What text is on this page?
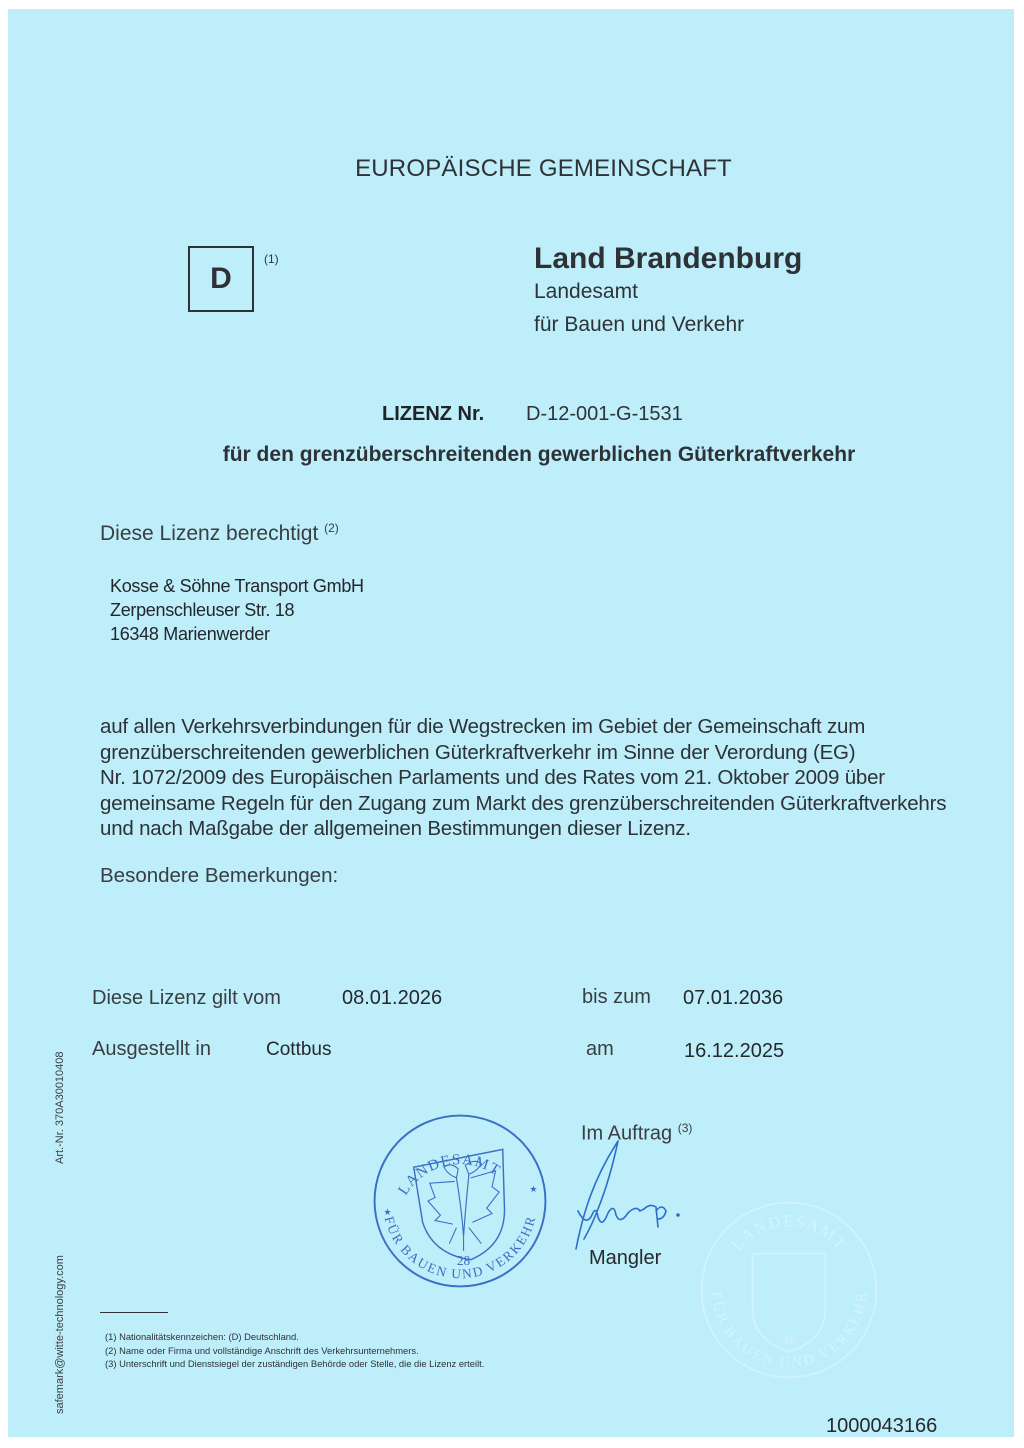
EUROPÄISCHE GEMEINSCHAFT
D
(1)	Land Brandenburg
Landesamt
für Bauen und Verkehr
LIZENZ Nr. D-12-001-G-1531
für den grenzüberschreitenden gewerblichen Güterkraftverkehr
Diese Lizenz berechtigt $^{(2)}$
Kosse & Söhne Transport GmbH
Zerpenschleuser Str. 18
16348 Marienwerder
auf allen Verkehrsverbindungen für die Wegstrecken im Gebiet der Gemeinschaft zum
grenzüberschreitenden gewerblichen Güterkraftverkehr im Sinne der Verordung (EG)
Nr. 1072/2009 des Europäischen Parlaments und des Rates vom 21. Oktober 2009 über
gemeinsame Regeln für den Zugang zum Markt des grenzüberschreitenden Güterkraftverkehrs
und nach Maßgabe der allgemeinen Bestimmungen dieser Lizenz.
Besondere Bemerkungen:
Diese Lizenz gilt vom	08.01.2026	bis zum 07.01.2036
Ausgestellt in	Cottbus	am	16.12.2025
LANDESAMT
FÜR BAUEN UND VERKEHR
46
LANDESAMT
FÜR BAUEN UND VERKEHR
★
★
28
Im Auftrag $^{(3)}$
Mangler
(1) Nationalitätskennzeichen: (D) Deutschland.
(2) Name oder Firma und vollständige Anschrift des Verkehrsunternehmers.
(3) Unterschrift und Dienstsiegel der zuständigen Behörde oder Stelle, die die Lizenz erteilt.
Art.-Nr. 370A30010408
safemark@witte-technology.com
1000043166
